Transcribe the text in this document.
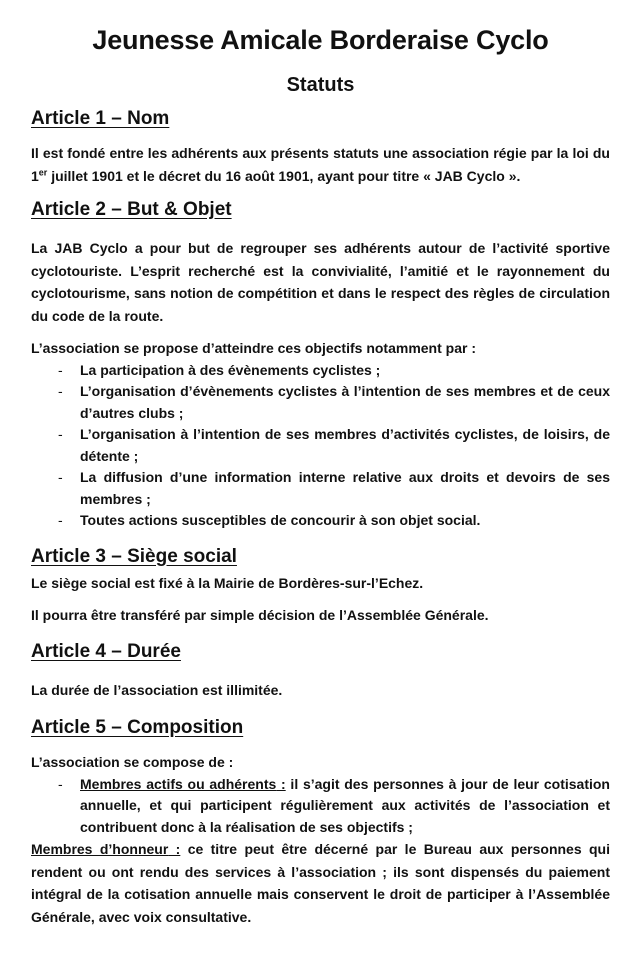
Jeunesse Amicale Borderaise Cyclo
Statuts
Article 1 – Nom

Il est fondé entre les adhérents aux présents statuts une association régie par la loi du 1er juillet 1901 et le décret du 16 août 1901, ayant pour titre « JAB Cyclo ».

Article 2 – But & Objet

La JAB Cyclo a pour but de regrouper ses adhérents autour de l’activité sportive cyclotouriste. L’esprit recherché est la convivialité, l’amitié et le rayonnement du cyclotourisme, sans notion de compétition et dans le respect des règles de circulation du code de la route.

L’association se propose d’atteindre ces objectifs notamment par :

- La participation à des évènements cyclistes ;
- L’organisation d’évènements cyclistes à l’intention de ses membres et de ceux d’autres clubs ;
- L’organisation à l’intention de ses membres d’activités cyclistes, de loisirs, de détente ;
- La diffusion d’une information interne relative aux droits et devoirs de ses membres ;
- Toutes actions susceptibles de concourir à son objet social.
Article 3 – Siège social

Le siège social est fixé à la Mairie de Bordères-sur-l’Echez.

Il pourra être transféré par simple décision de l’Assemblée Générale.

Article 4 – Durée

La durée de l’association est illimitée.

Article 5 – Composition

L’association se compose de :

- Membres actifs ou adhérents : il s’agit des personnes à jour de leur cotisation annuelle, et qui participent régulièrement aux activités de l’association et contribuent donc à la réalisation de ses objectifs ;

Membres d’honneur : ce titre peut être décerné par le Bureau aux personnes qui rendent ou ont rendu des services à l’association ; ils sont dispensés du paiement intégral de la cotisation annuelle mais conservent le droit de participer à l’Assemblée Générale, avec voix consultative.
